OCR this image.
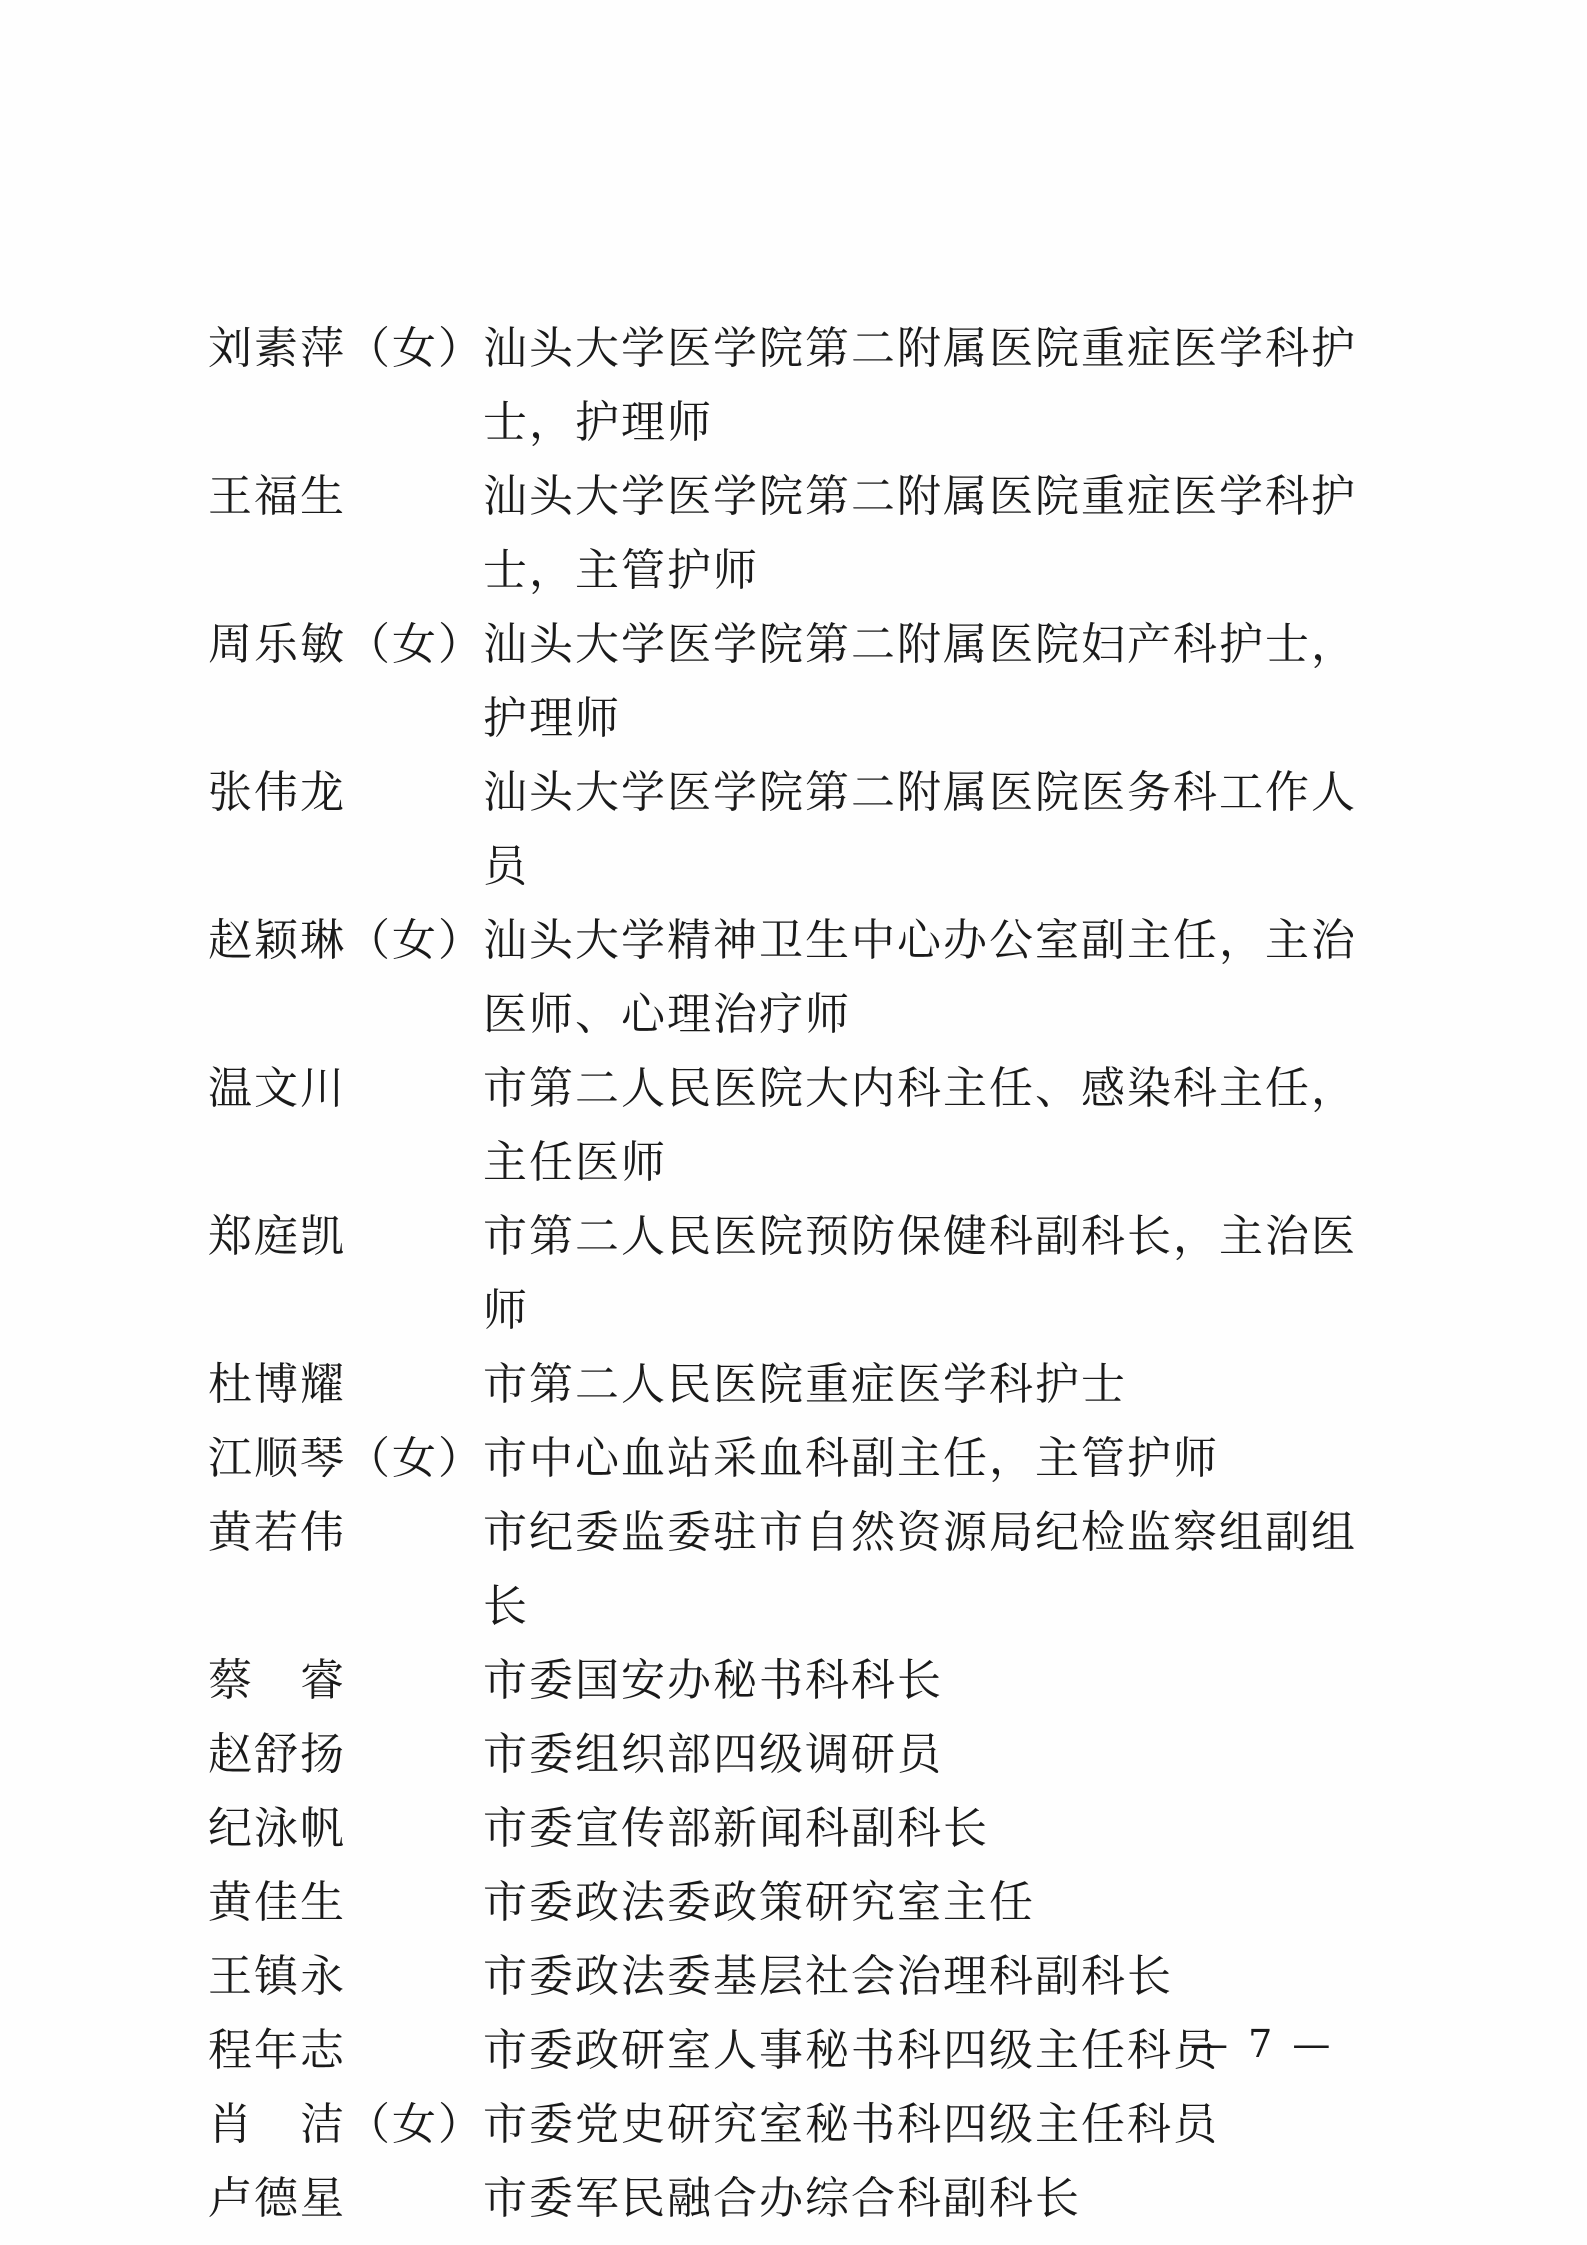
刘素萍（女） 汕头大学医学院第二附属医院重症医学科护士，护理师
王福生	汕头大学医学院第二附属医院重症医学科护士，主管护师
周乐敏（女） 汕头大学医学院第二附属医院妇产科护士，护理师
张伟龙	汕头大学医学院第二附属医院医务科工作人员
赵颖琳（女） 汕头大学精神卫生中心办公室副主任，主治医师、心理治疗师
温文川	市第二人民医院大内科主任、感染科主任，主任医师
郑庭凯	市第二人民医院预防保健科副科长，主治医师
杜博耀	市第二人民医院重症医学科护士
江顺琴（女） 市中心血站采血科副主任，主管护师
黄若伟	市纪委监委驻市自然资源局纪检监察组副组长
蔡　睿	市委国安办秘书科科长
赵舒扬	市委组织部四级调研员
纪泳帆	市委宣传部新闻科副科长
黄佳生	市委政法委政策研究室主任
王镇永	市委政法委基层社会治理科副科长
程年志	市委政研室人事秘书科四级主任科员
肖　洁（女） 市委党史研究室秘书科四级主任科员
卢德星	市委军民融合办综合科副科长
— 7 —
